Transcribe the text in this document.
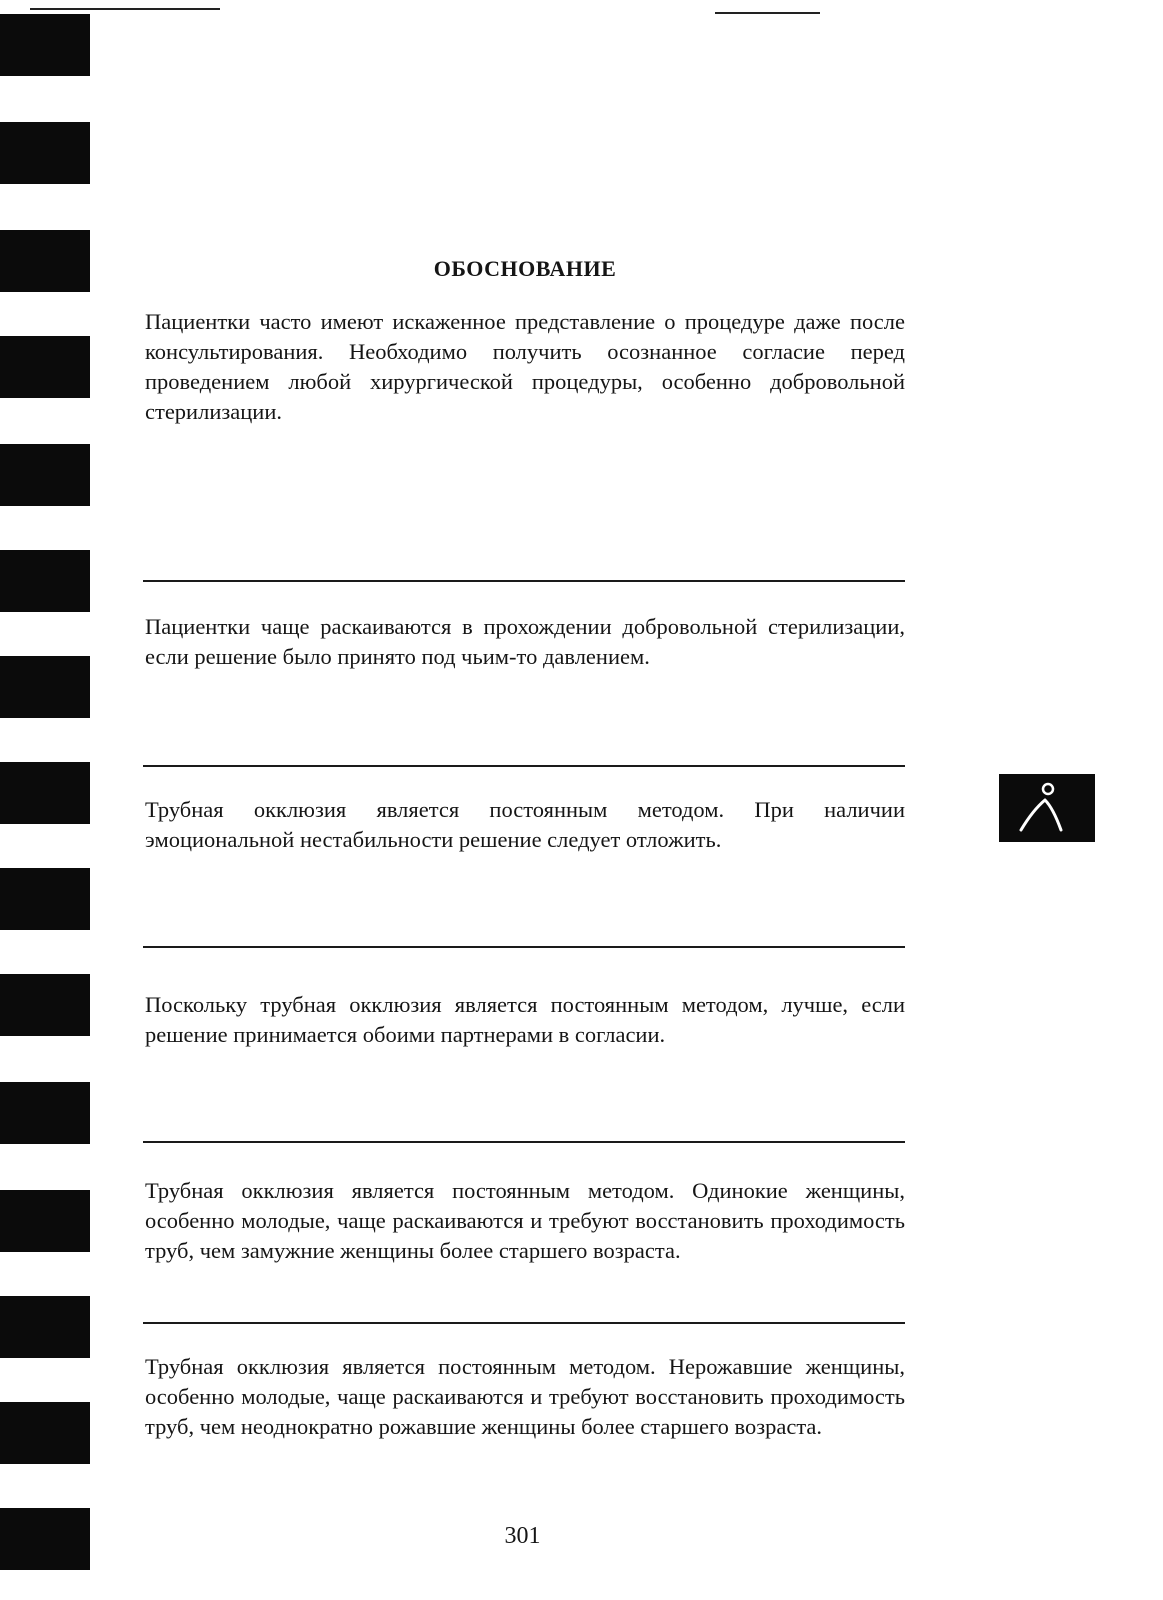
ОБОСНОВАНИЕ

Пациентки часто имеют искаженное представление о процедуре даже после консультирования. Необходимо получить осознанное согласие перед проведением любой хирургической процедуры, особенно добровольной стерилизации.

Пациентки чаще раскаиваются в прохождении добровольной стерилизации, если решение было принято под чьим-то давлением.

Трубная окклюзия является постоянным методом. При наличии эмоциональной нестабильности решение следует отложить.

Поскольку трубная окклюзия является постоянным методом, лучше, если решение принимается обоими партнерами в согласии.

Трубная окклюзия является постоянным методом. Одинокие женщины, особенно молодые, чаще раскаиваются и требуют восстановить проходимость труб, чем замужние женщины более старшего возраста.

Трубная окклюзия является постоянным методом. Нерожавшие женщины, особенно молодые, чаще раскаиваются и требуют восстановить проходимость труб, чем неоднократно рожавшие женщины более старшего возраста.

301
